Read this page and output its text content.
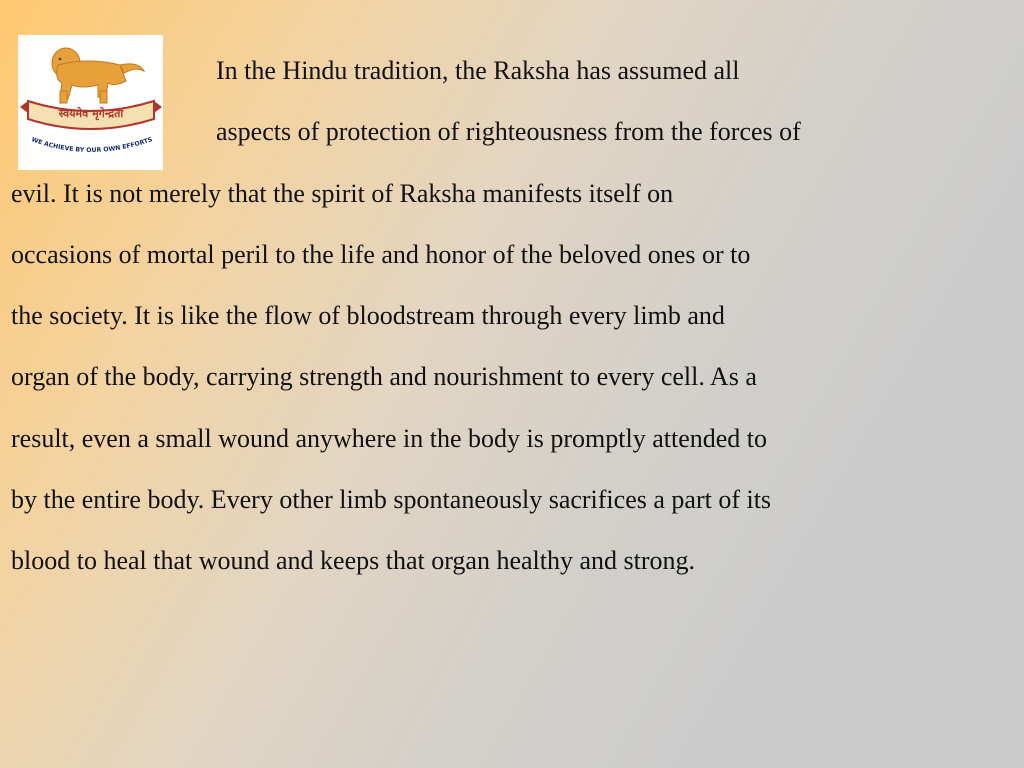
स्वयमेव मृगेन्द्रता
WE ACHIEVE BY OUR OWN EFFORTS

In the Hindu tradition, the Raksha has assumed all
aspects of protection of righteousness from the forces of
evil. It is not merely that the spirit of Raksha manifests itself on
occasions of mortal peril to the life and honor of the beloved ones or to
the society. It is like the flow of bloodstream through every limb and
organ of the body, carrying strength and nourishment to every cell. As a
result, even a small wound anywhere in the body is promptly attended to
by the entire body. Every other limb spontaneously sacrifices a part of its
blood to heal that wound and keeps that organ healthy and strong.
